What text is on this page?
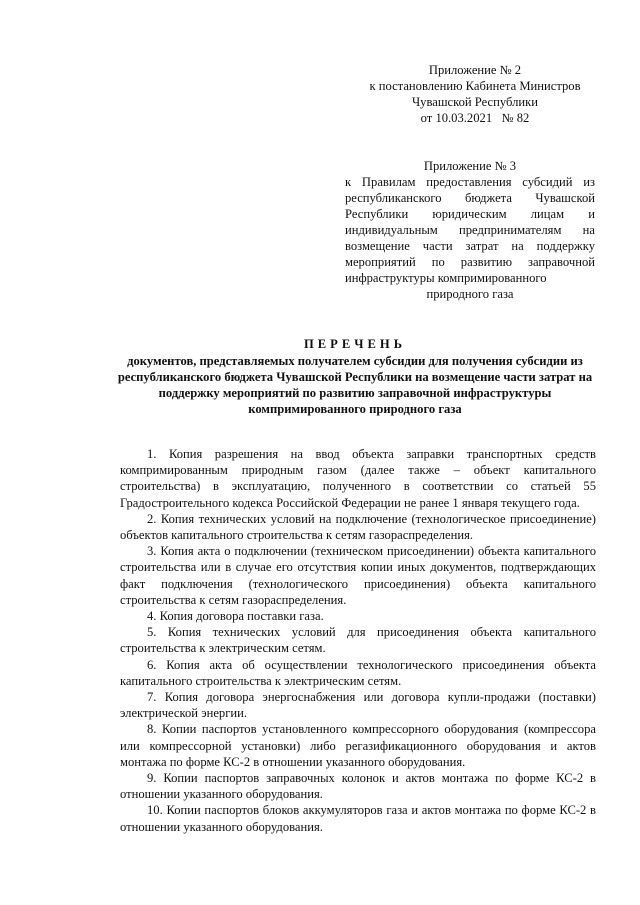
Приложение № 2
к постановлению Кабинета Министров
Чувашской Республики
от 10.03.2021   № 82
Приложение № 3
к Правилам предоставления субсидий из республиканского бюджета Чувашской Республики юридическим лицам и индивидуальным предпринимателям на возмещение части затрат на поддержку мероприятий по развитию заправочной инфраструктуры компримированного
природного газа
ПЕРЕЧЕНЬ
документов, представляемых получателем субсидии для получения субсидии из республиканского бюджета Чувашской Республики на возмещение части затрат на поддержку мероприятий по развитию заправочной инфраструктуры компримированного природного газа

1. Копия разрешения на ввод объекта заправки транспортных средств компримированным природным газом (далее также – объект капитального строительства) в эксплуатацию, полученного в соответствии со статьей 55 Градостроительного кодекса Российской Федерации не ранее 1 января текущего года.

2. Копия технических условий на подключение (технологическое присоединение) объектов капитального строительства к сетям газораспределения.

3. Копия акта о подключении (техническом присоединении) объекта капитального строительства или в случае его отсутствия копии иных документов, подтверждающих факт подключения (технологического присоединения) объекта капитального строительства к сетям газораспределения.

4. Копия договора поставки газа.

5. Копия технических условий для присоединения объекта капитального строительства к электрическим сетям.

6. Копия акта об осуществлении технологического присоединения объекта капитального строительства к электрическим сетям.

7. Копия договора энергоснабжения или договора купли-продажи (поставки) электрической энергии.

8. Копии паспортов установленного компрессорного оборудования (компрессора или компрессорной установки) либо регазификационного оборудования и актов монтажа по форме КС-2 в отношении указанного оборудования.

9. Копии паспортов заправочных колонок и актов монтажа по форме КС-2 в отношении указанного оборудования.

10. Копии паспортов блоков аккумуляторов газа и актов монтажа по форме КС-2 в отношении указанного оборудования.
